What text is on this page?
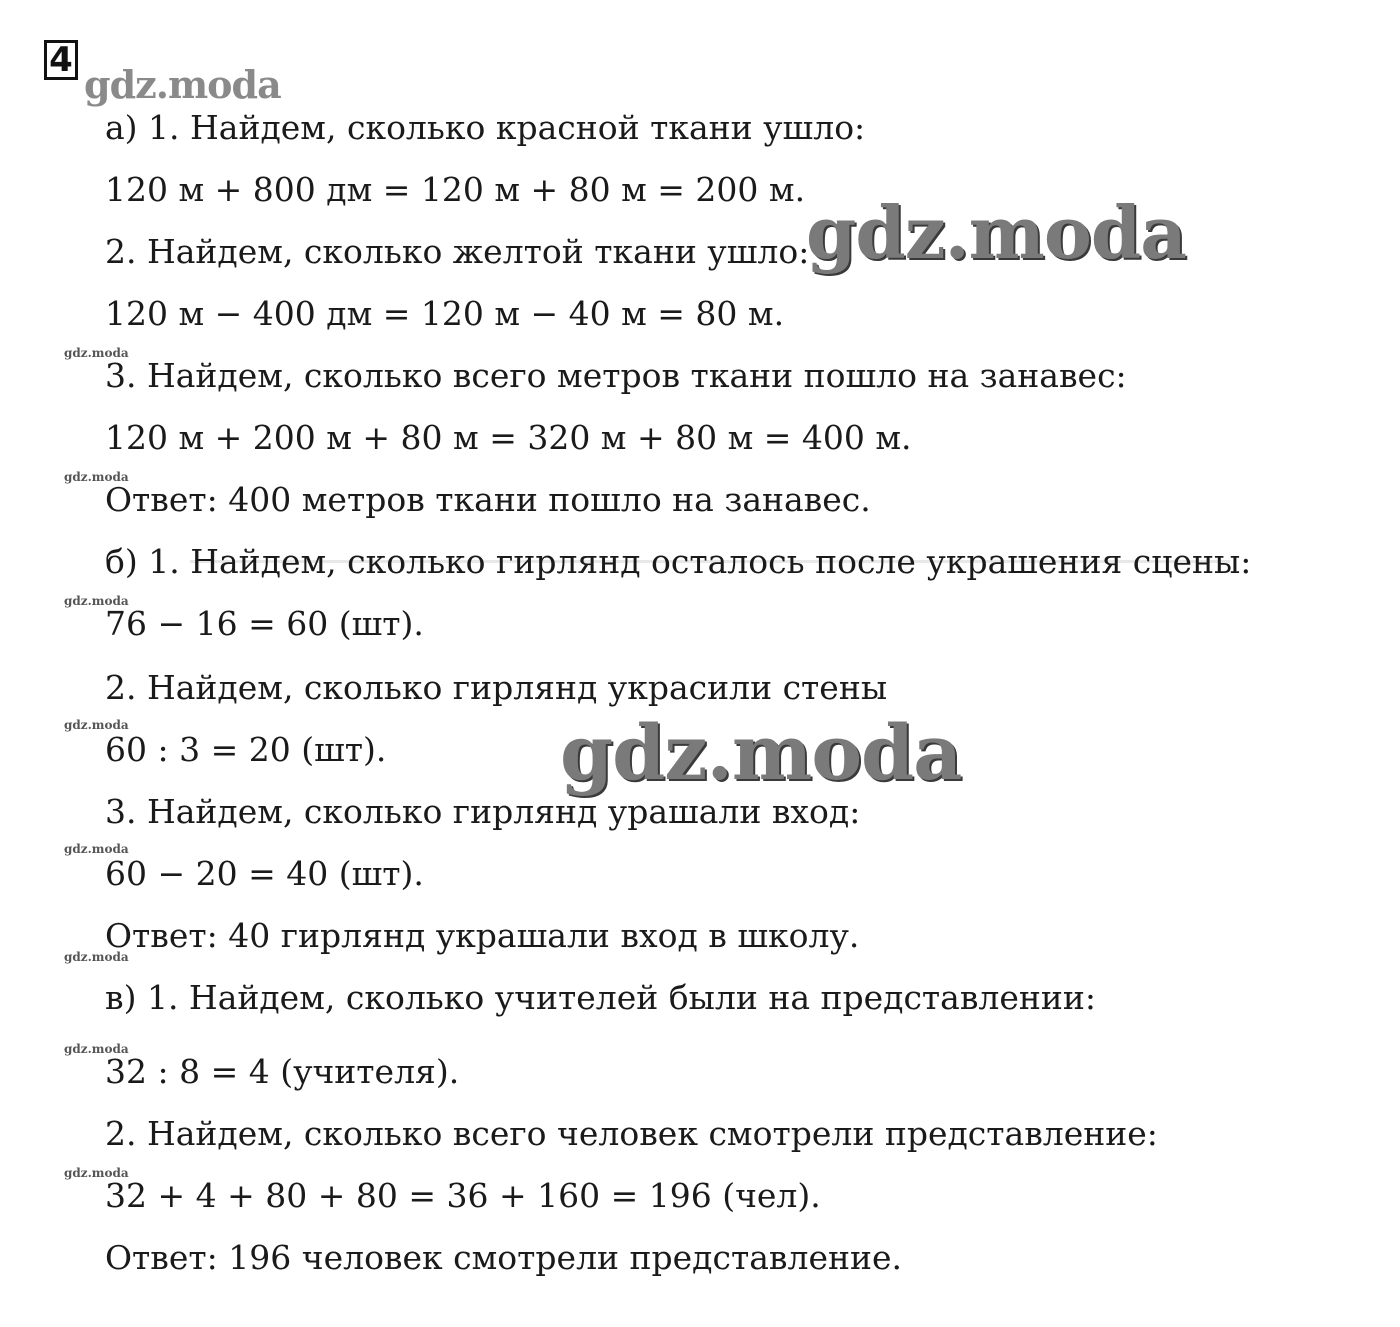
4
gdz.moda
gdz.moda
gdz.moda
gdz.moda
gdz.moda
gdz.moda
gdz.moda
gdz.moda
gdz.moda
а) 1. Найдем, сколько красной ткани ушло:
120 м + 800 дм = 120 м + 80 м = 200 м.
2. Найдем, сколько желтой ткани ушло:
120 м − 400 дм = 120 м − 40 м = 80 м.
3. Найдем, сколько всего метров ткани пошло на занавес:
120 м + 200 м + 80 м = 320 м + 80 м = 400 м.
Ответ: 400 метров ткани пошло на занавес.
б) 1. Найдем, сколько гирлянд осталось после украшения сцены:
76 − 16 = 60 (шт).
2. Найдем, сколько гирлянд украсили стены
60 : 3 = 20 (шт).
3. Найдем, сколько гирлянд урашали вход:
60 − 20 = 40 (шт).
Ответ: 40 гирлянд украшали вход в школу.
в) 1. Найдем, сколько учителей были на представлении:
32 : 8 = 4 (учителя).
2. Найдем, сколько всего человек смотрели представление:
32 + 4 + 80 + 80 = 36 + 160 = 196 (чел).
Ответ: 196 человек смотрели представление.
gdz.moda
gdz.moda
